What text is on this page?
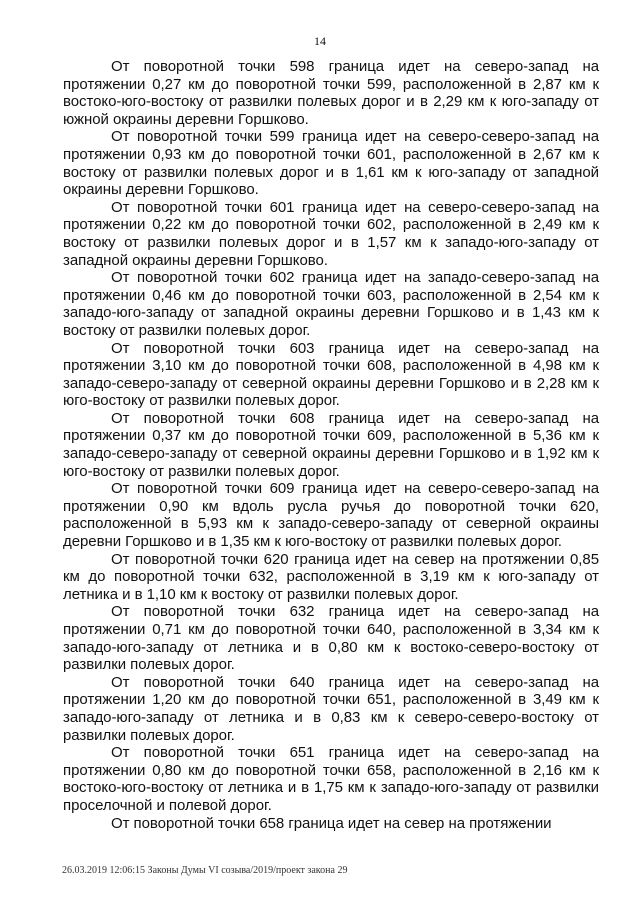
14

От поворотной точки 598 граница идет на северо-запад на протяжении 0,27 км до поворотной точки 599, расположенной в 2,87 км к востоко-юго-востоку от развилки полевых дорог и в 2,29 км к юго-западу от южной окраины деревни Горшково.

От поворотной точки 599 граница идет на северо-северо-запад на протяжении 0,93 км до поворотной точки 601, расположенной в 2,67 км к востоку от развилки полевых дорог и в 1,61 км к юго-западу от западной окраины деревни Горшково.

От поворотной точки 601 граница идет на северо-северо-запад на протяжении 0,22 км до поворотной точки 602, расположенной в 2,49 км к востоку от развилки полевых дорог и в 1,57 км к западо-юго-западу от западной окраины деревни Горшково.

От поворотной точки 602 граница идет на западо-северо-запад на протяжении 0,46 км до поворотной точки 603, расположенной в 2,54 км к западо-юго-западу от западной окраины деревни Горшково и в 1,43 км к востоку от развилки полевых дорог.

От поворотной точки 603 граница идет на северо-запад на протяжении 3,10 км до поворотной точки 608, расположенной в 4,98 км к западо-северо-западу от северной окраины деревни Горшково и в 2,28 км к юго-востоку от развилки полевых дорог.

От поворотной точки 608 граница идет на северо-запад на протяжении 0,37 км до поворотной точки 609, расположенной в 5,36 км к западо-северо-западу от северной окраины деревни Горшково и в 1,92 км к юго-востоку от развилки полевых дорог.

От поворотной точки 609 граница идет на северо-северо-запад на протяжении 0,90 км вдоль русла ручья до поворотной точки 620, расположенной в 5,93 км к западо-северо-западу от северной окраины деревни Горшково и в 1,35 км к юго-востоку от развилки полевых дорог.

От поворотной точки 620 граница идет на север на протяжении 0,85 км до поворотной точки 632, расположенной в 3,19 км к юго-западу от летника и в 1,10 км к востоку от развилки полевых дорог.

От поворотной точки 632 граница идет на северо-запад на протяжении 0,71 км до поворотной точки 640, расположенной в 3,34 км к западо-юго-западу от летника и в 0,80 км к востоко-северо-востоку от развилки полевых дорог.

От поворотной точки 640 граница идет на северо-запад на протяжении 1,20 км до поворотной точки 651, расположенной в 3,49 км к западо-юго-западу от летника и в 0,83 км к северо-северо-востоку от развилки полевых дорог.

От поворотной точки 651 граница идет на северо-запад на протяжении 0,80 км до поворотной точки 658, расположенной в 2,16 км к востоко-юго-востоку от летника и в 1,75 км к западо-юго-западу от развилки проселочной и полевой дорог.

От поворотной точки 658 граница идет на север на протяжении

26.03.2019 12:06:15 Законы Думы VI созыва/2019/проект закона 29
